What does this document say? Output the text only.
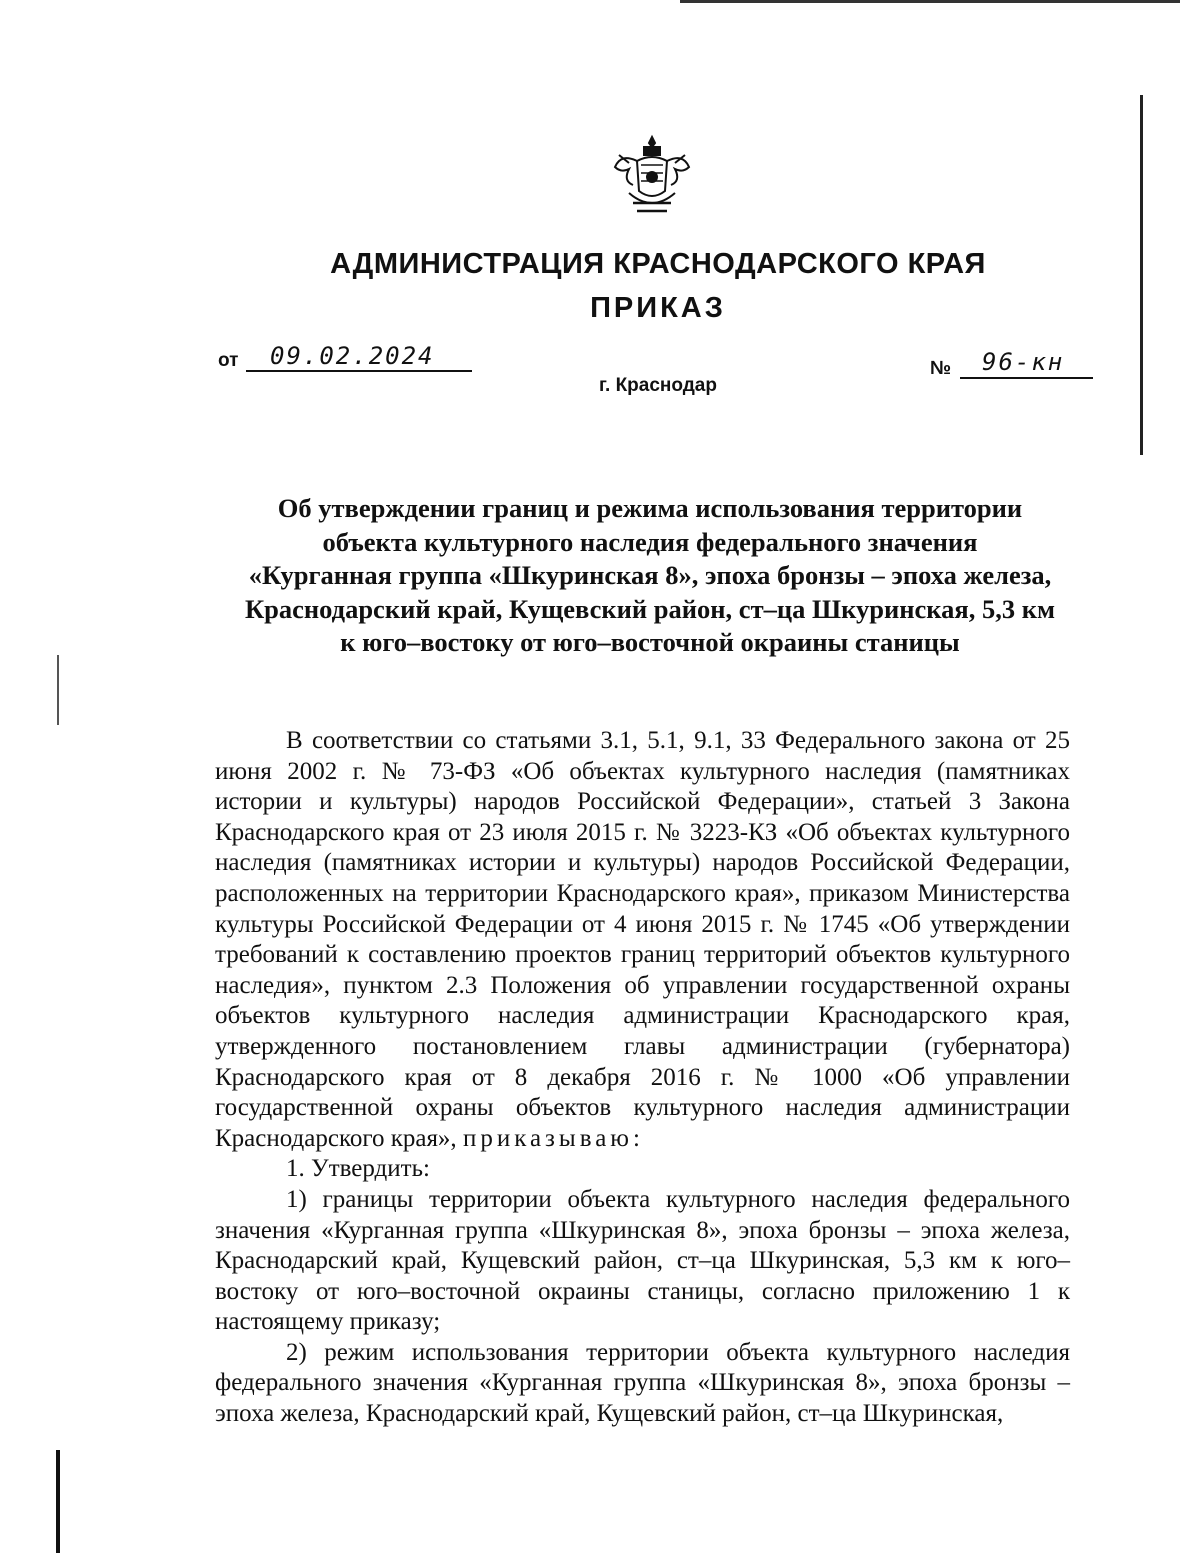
АДМИНИСТРАЦИЯ КРАСНОДАРСКОГО КРАЯ
ПРИКАЗ
от 09.02.2024	№ 96-кн
г. Краснодар
Об утверждении границ и режима использования территории
объекта культурного наследия федерального значения
«Курганная группа «Шкуринская 8», эпоха бронзы – эпоха железа,
Краснодарский край, Кущевский район, ст–ца Шкуринская, 5,3 км
к юго–востоку от юго–восточной окраины станицы

В соответствии со статьями 3.1, 5.1, 9.1, 33 Федерального закона от 25 июня 2002 г. № 73-ФЗ «Об объектах культурного наследия (памятниках истории и культуры) народов Российской Федерации», статьей 3 Закона Краснодарского края от 23 июля 2015 г. № 3223-КЗ «Об объектах культурного наследия (памятниках истории и культуры) народов Российской Федерации, расположенных на территории Краснодарского края», приказом Министерства культуры Российской Федерации от 4 июня 2015 г. № 1745 «Об утверждении требований к составлению проектов границ территорий объектов культурного наследия», пунктом 2.3 Положения об управлении государственной охраны объектов культурного наследия администрации Краснодарского края, утвержденного постановлением главы администрации (губернатора) Краснодарского края от 8 декабря 2016 г. № 1000 «Об управлении государственной охраны объектов культурного наследия администрации Краснодарского края», приказываю:

1. Утвердить:

1) границы территории объекта культурного наследия федерального значения «Курганная группа «Шкуринская 8», эпоха бронзы – эпоха железа, Краснодарский край, Кущевский район, ст–ца Шкуринская, 5,3 км к юго–востоку от юго–восточной окраины станицы, согласно приложению 1 к настоящему приказу;

2) режим использования территории объекта культурного наследия федерального значения «Курганная группа «Шкуринская 8», эпоха бронзы – эпоха железа, Краснодарский край, Кущевский район, ст–ца Шкуринская,
